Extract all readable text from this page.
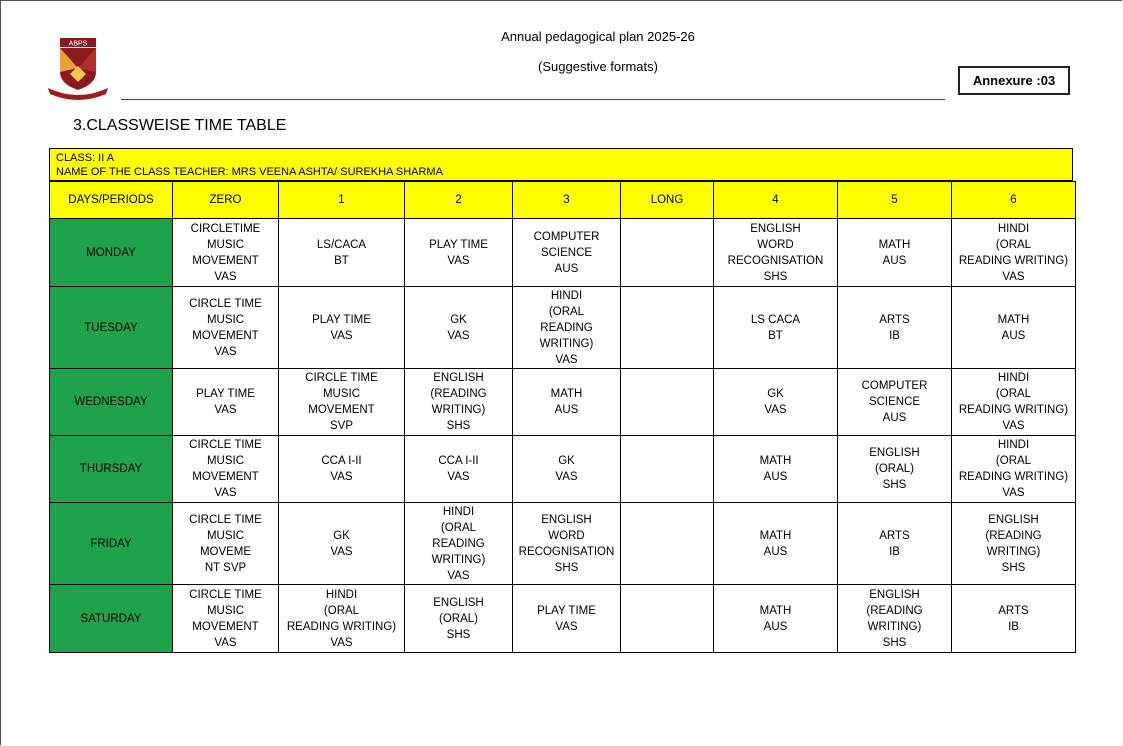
ABPS	Annual pedagogical plan 2025-26
(Suggestive formats)
Annexure :03
3.CLASSWEISE TIME TABLE
CLASS: II A
NAME OF THE CLASS TEACHER: MRS VEENA ASHTA/ SUREKHA SHARMA
DAYS/PERIODS	ZERO	1	2	3	LONG	4	5	6
MONDAY	CIRCLETIME
MUSIC
MOVEMENT
VAS	LS/CACA
BT	PLAY TIME
VAS	COMPUTER
SCIENCE
AUS		ENGLISH
WORD
RECOGNISATION
SHS	MATH
AUS	HINDI
(ORAL
READING WRITING)
VAS
TUESDAY	CIRCLE TIME
MUSIC
MOVEMENT
VAS	PLAY TIME
VAS	GK
VAS	HINDI
(ORAL
READING
WRITING)
VAS		LS CACA
BT	ARTS
IB	MATH
AUS
WEDNESDAY	PLAY TIME
VAS	CIRCLE TIME
MUSIC
MOVEMENT
SVP	ENGLISH
(READING
WRITING)
SHS	MATH
AUS		GK
VAS	COMPUTER
SCIENCE
AUS	HINDI
(ORAL
READING WRITING)
VAS
THURSDAY	CIRCLE TIME
MUSIC
MOVEMENT
VAS	CCA I-II
VAS	CCA I-II
VAS	GK
VAS		MATH
AUS	ENGLISH
(ORAL)
SHS	HINDI
(ORAL
READING WRITING)
VAS
FRIDAY	CIRCLE TIME
MUSIC
MOVEME
NT SVP	GK
VAS	HINDI
(ORAL
READING
WRITING)
VAS	ENGLISH
WORD
RECOGNISATION
SHS		MATH
AUS	ARTS
IB	ENGLISH
(READING
WRITING)
SHS
SATURDAY	CIRCLE TIME
MUSIC
MOVEMENT
VAS	HINDI
(ORAL
READING WRITING)
VAS	ENGLISH
(ORAL)
SHS	PLAY TIME
VAS		MATH
AUS	ENGLISH
(READING
WRITING)
SHS	ARTS
IB
